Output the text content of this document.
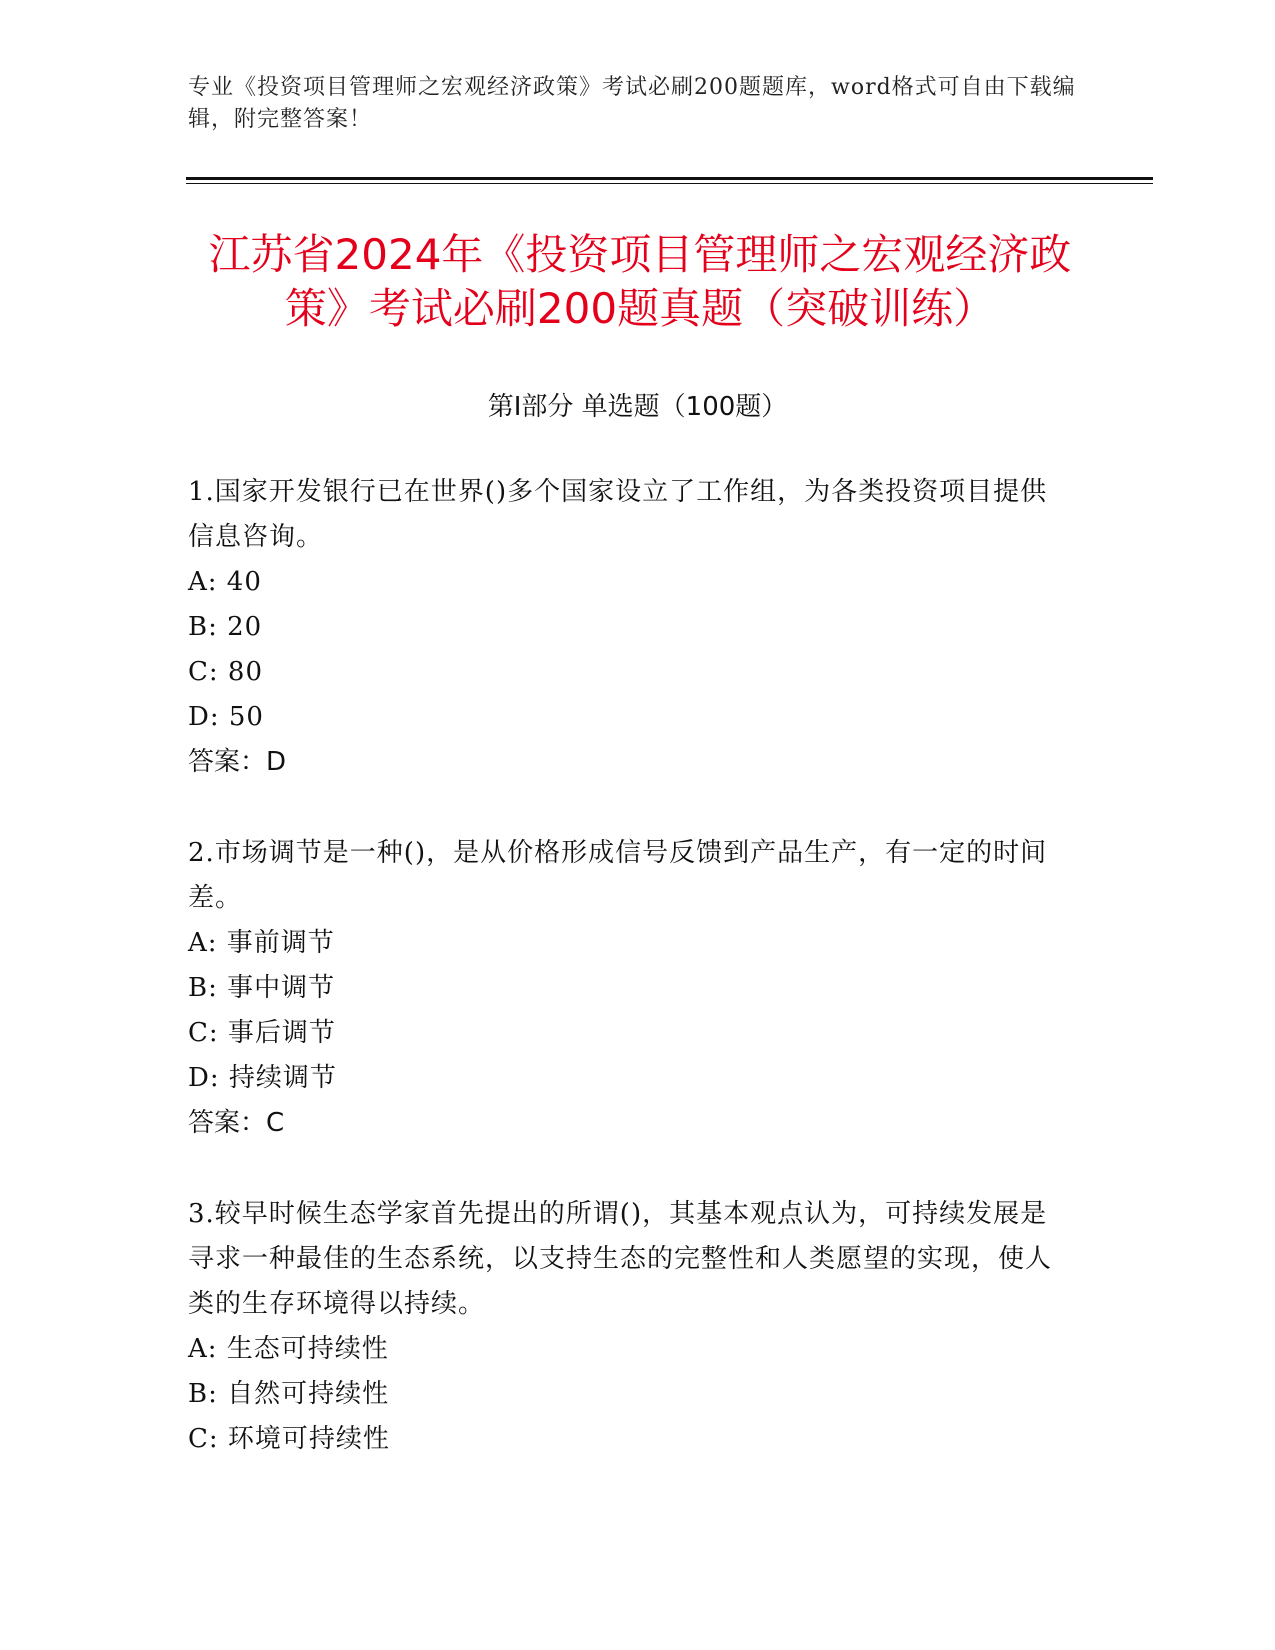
专业《投资项目管理师之宏观经济政策》考试必刷200题题库，word格式可自由下载编辑，附完整答案！
江苏省2024年《投资项目管理师之宏观经济政策》考试必刷200题真题（突破训练）
第I部分 单选题（100题）
1.国家开发银行已在世界()多个国家设立了工作组，为各类投资项目提供信息咨询。
A: 40
B: 20
C: 80
D: 50
答案：D
2.市场调节是一种()，是从价格形成信号反馈到产品生产，有一定的时间差。
A: 事前调节
B: 事中调节
C: 事后调节
D: 持续调节
答案：C
3.较早时候生态学家首先提出的所谓()，其基本观点认为，可持续发展是寻求一种最佳的生态系统，以支持生态的完整性和人类愿望的实现，使人类的生存环境得以持续。
A: 生态可持续性
B: 自然可持续性
C: 环境可持续性
